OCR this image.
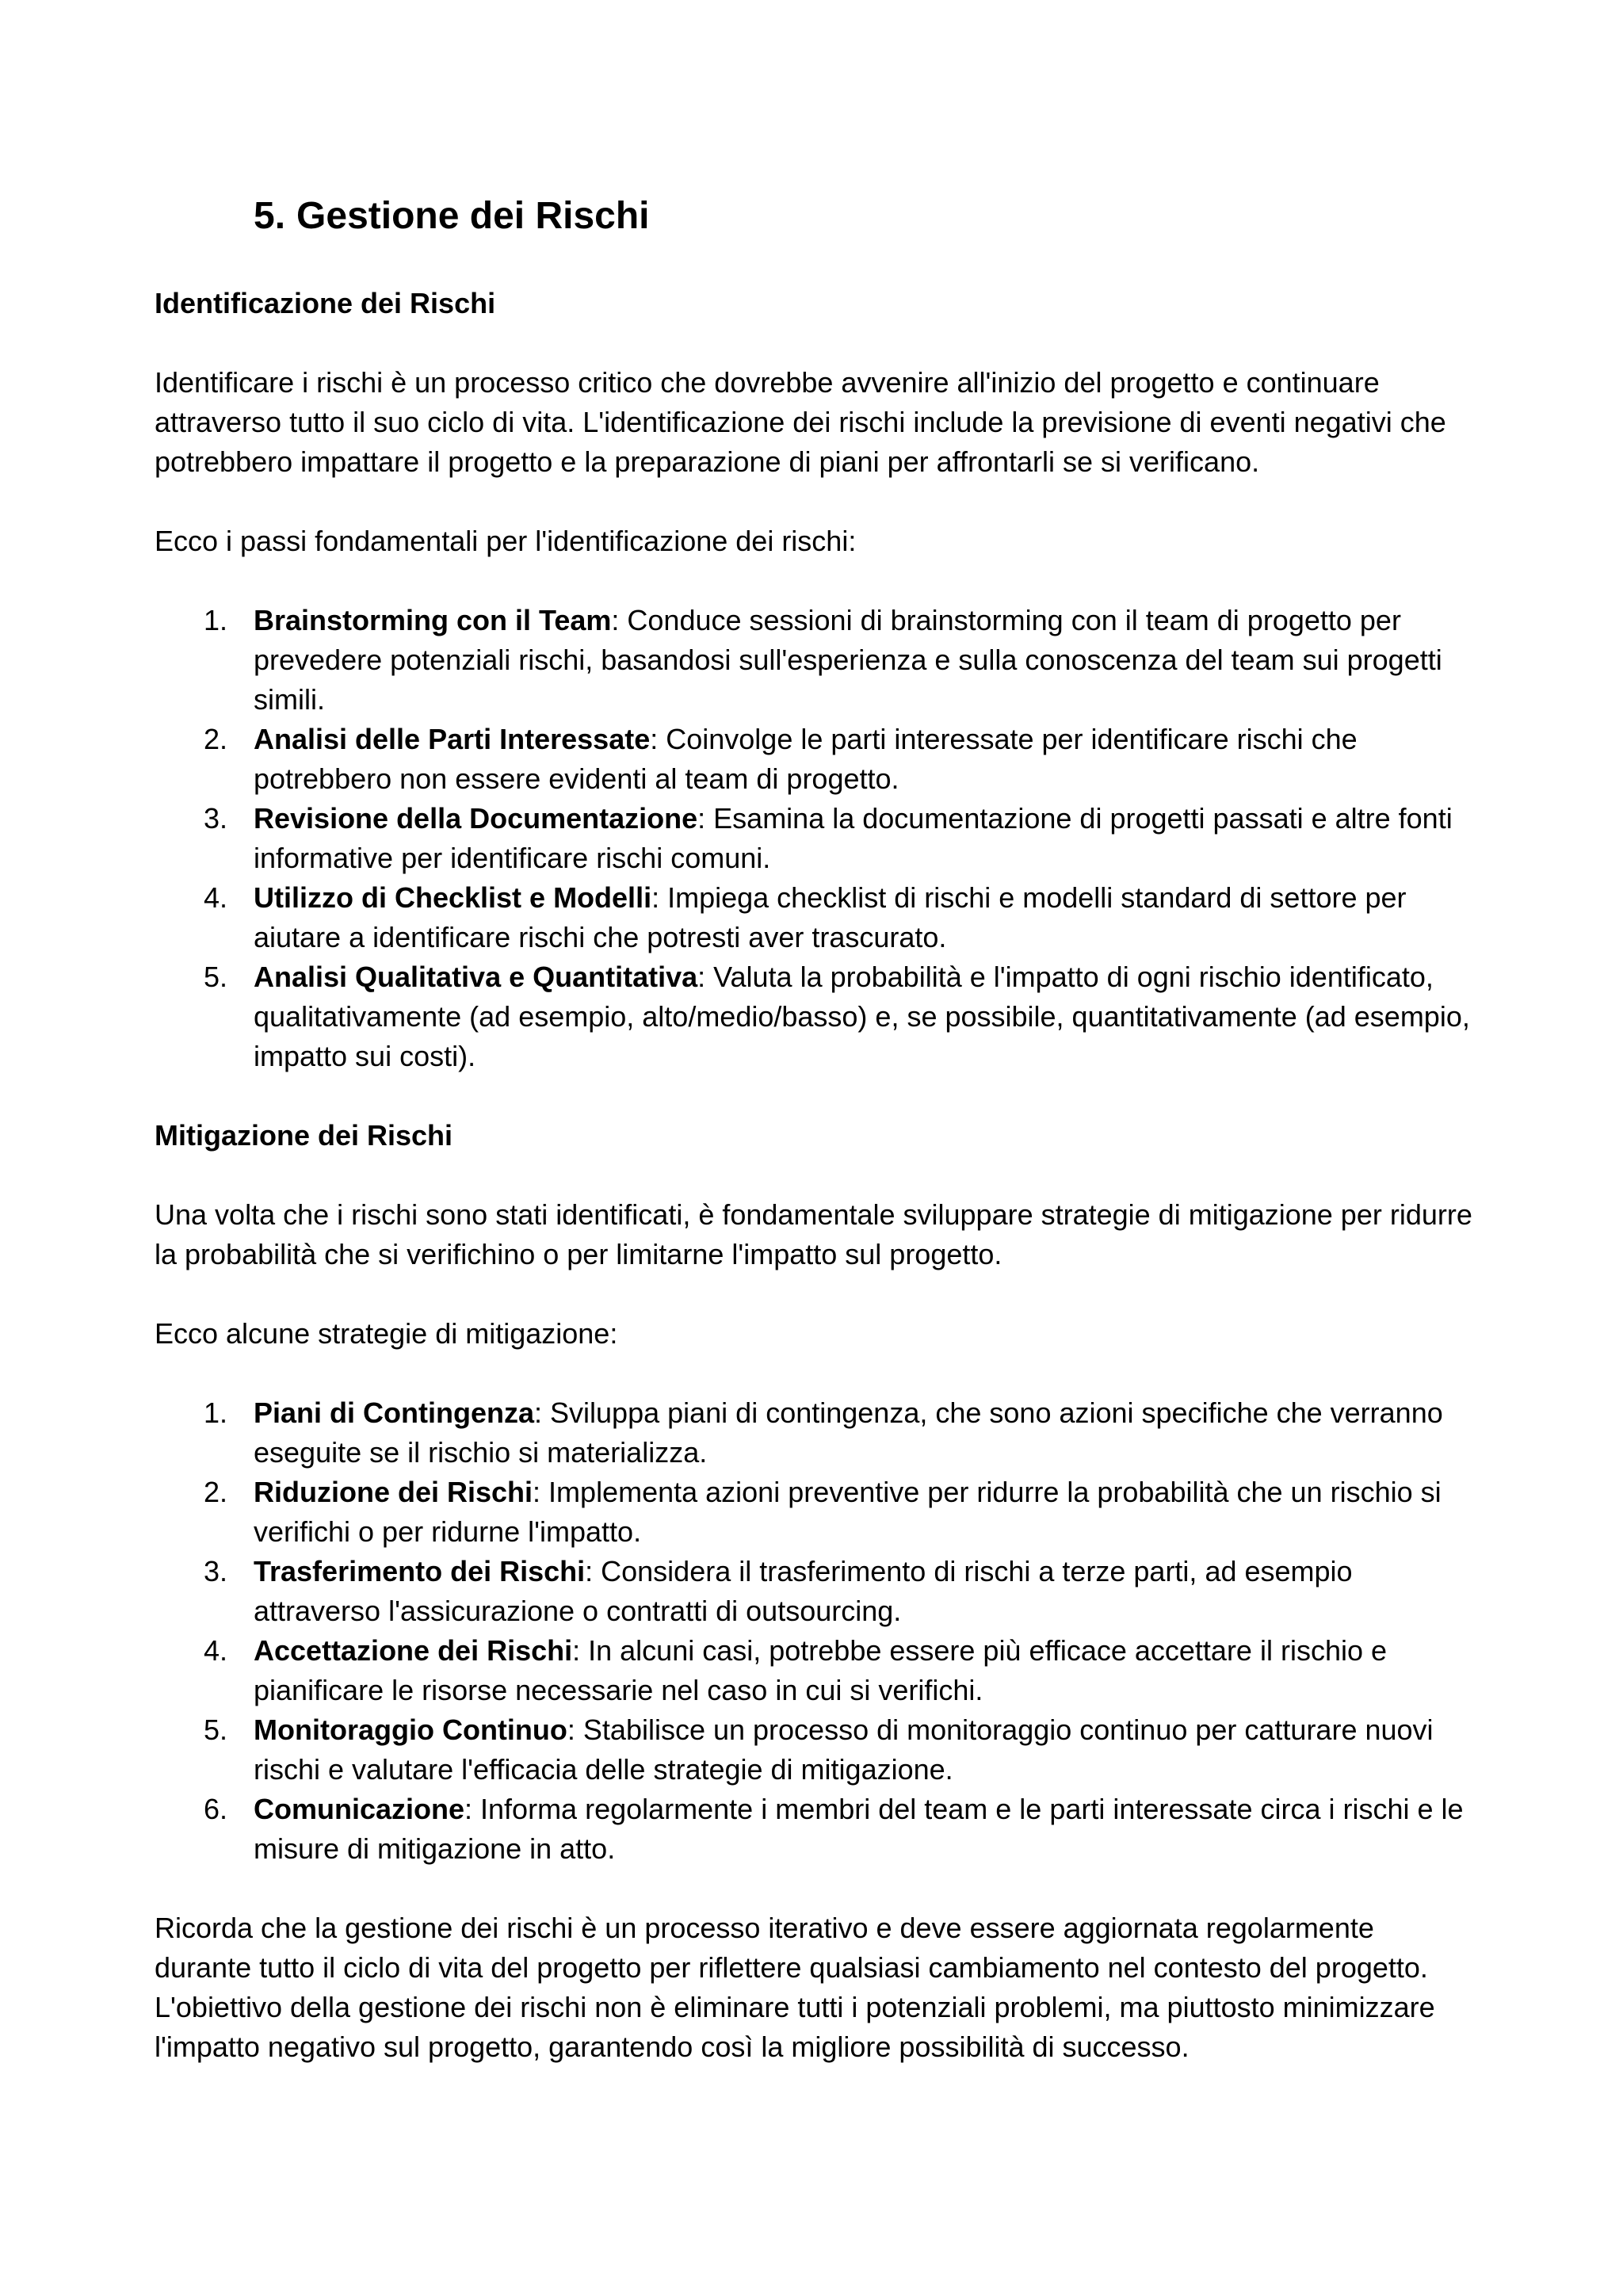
5. Gestione dei Rischi
Identificazione dei Rischi

Identificare i rischi è un processo critico che dovrebbe avvenire all'inizio del progetto e continuare attraverso tutto il suo ciclo di vita. L'identificazione dei rischi include la previsione di eventi negativi che potrebbero impattare il progetto e la preparazione di piani per affrontarli se si verificano.

Ecco i passi fondamentali per l'identificazione dei rischi:

1. Brainstorming con il Team: Conduce sessioni di brainstorming con il team di progetto per prevedere potenziali rischi, basandosi sull'esperienza e sulla conoscenza del team sui progetti simili.
2. Analisi delle Parti Interessate: Coinvolge le parti interessate per identificare rischi che potrebbero non essere evidenti al team di progetto.
3. Revisione della Documentazione: Esamina la documentazione di progetti passati e altre fonti informative per identificare rischi comuni.
4. Utilizzo di Checklist e Modelli: Impiega checklist di rischi e modelli standard di settore per aiutare a identificare rischi che potresti aver trascurato.
5. Analisi Qualitativa e Quantitativa: Valuta la probabilità e l'impatto di ogni rischio identificato, qualitativamente (ad esempio, alto/medio/basso) e, se possibile, quantitativamente (ad esempio, impatto sui costi).
Mitigazione dei Rischi

Una volta che i rischi sono stati identificati, è fondamentale sviluppare strategie di mitigazione per ridurre la probabilità che si verifichino o per limitarne l'impatto sul progetto.

Ecco alcune strategie di mitigazione:

1. Piani di Contingenza: Sviluppa piani di contingenza, che sono azioni specifiche che verranno eseguite se il rischio si materializza.
2. Riduzione dei Rischi: Implementa azioni preventive per ridurre la probabilità che un rischio si verifichi o per ridurne l'impatto.
3. Trasferimento dei Rischi: Considera il trasferimento di rischi a terze parti, ad esempio attraverso l'assicurazione o contratti di outsourcing.
4. Accettazione dei Rischi: In alcuni casi, potrebbe essere più efficace accettare il rischio e pianificare le risorse necessarie nel caso in cui si verifichi.
5. Monitoraggio Continuo: Stabilisce un processo di monitoraggio continuo per catturare nuovi rischi e valutare l'efficacia delle strategie di mitigazione.
6. Comunicazione: Informa regolarmente i membri del team e le parti interessate circa i rischi e le misure di mitigazione in atto.

Ricorda che la gestione dei rischi è un processo iterativo e deve essere aggiornata regolarmente durante tutto il ciclo di vita del progetto per riflettere qualsiasi cambiamento nel contesto del progetto. L'obiettivo della gestione dei rischi non è eliminare tutti i potenziali problemi, ma piuttosto minimizzare l'impatto negativo sul progetto, garantendo così la migliore possibilità di successo.
